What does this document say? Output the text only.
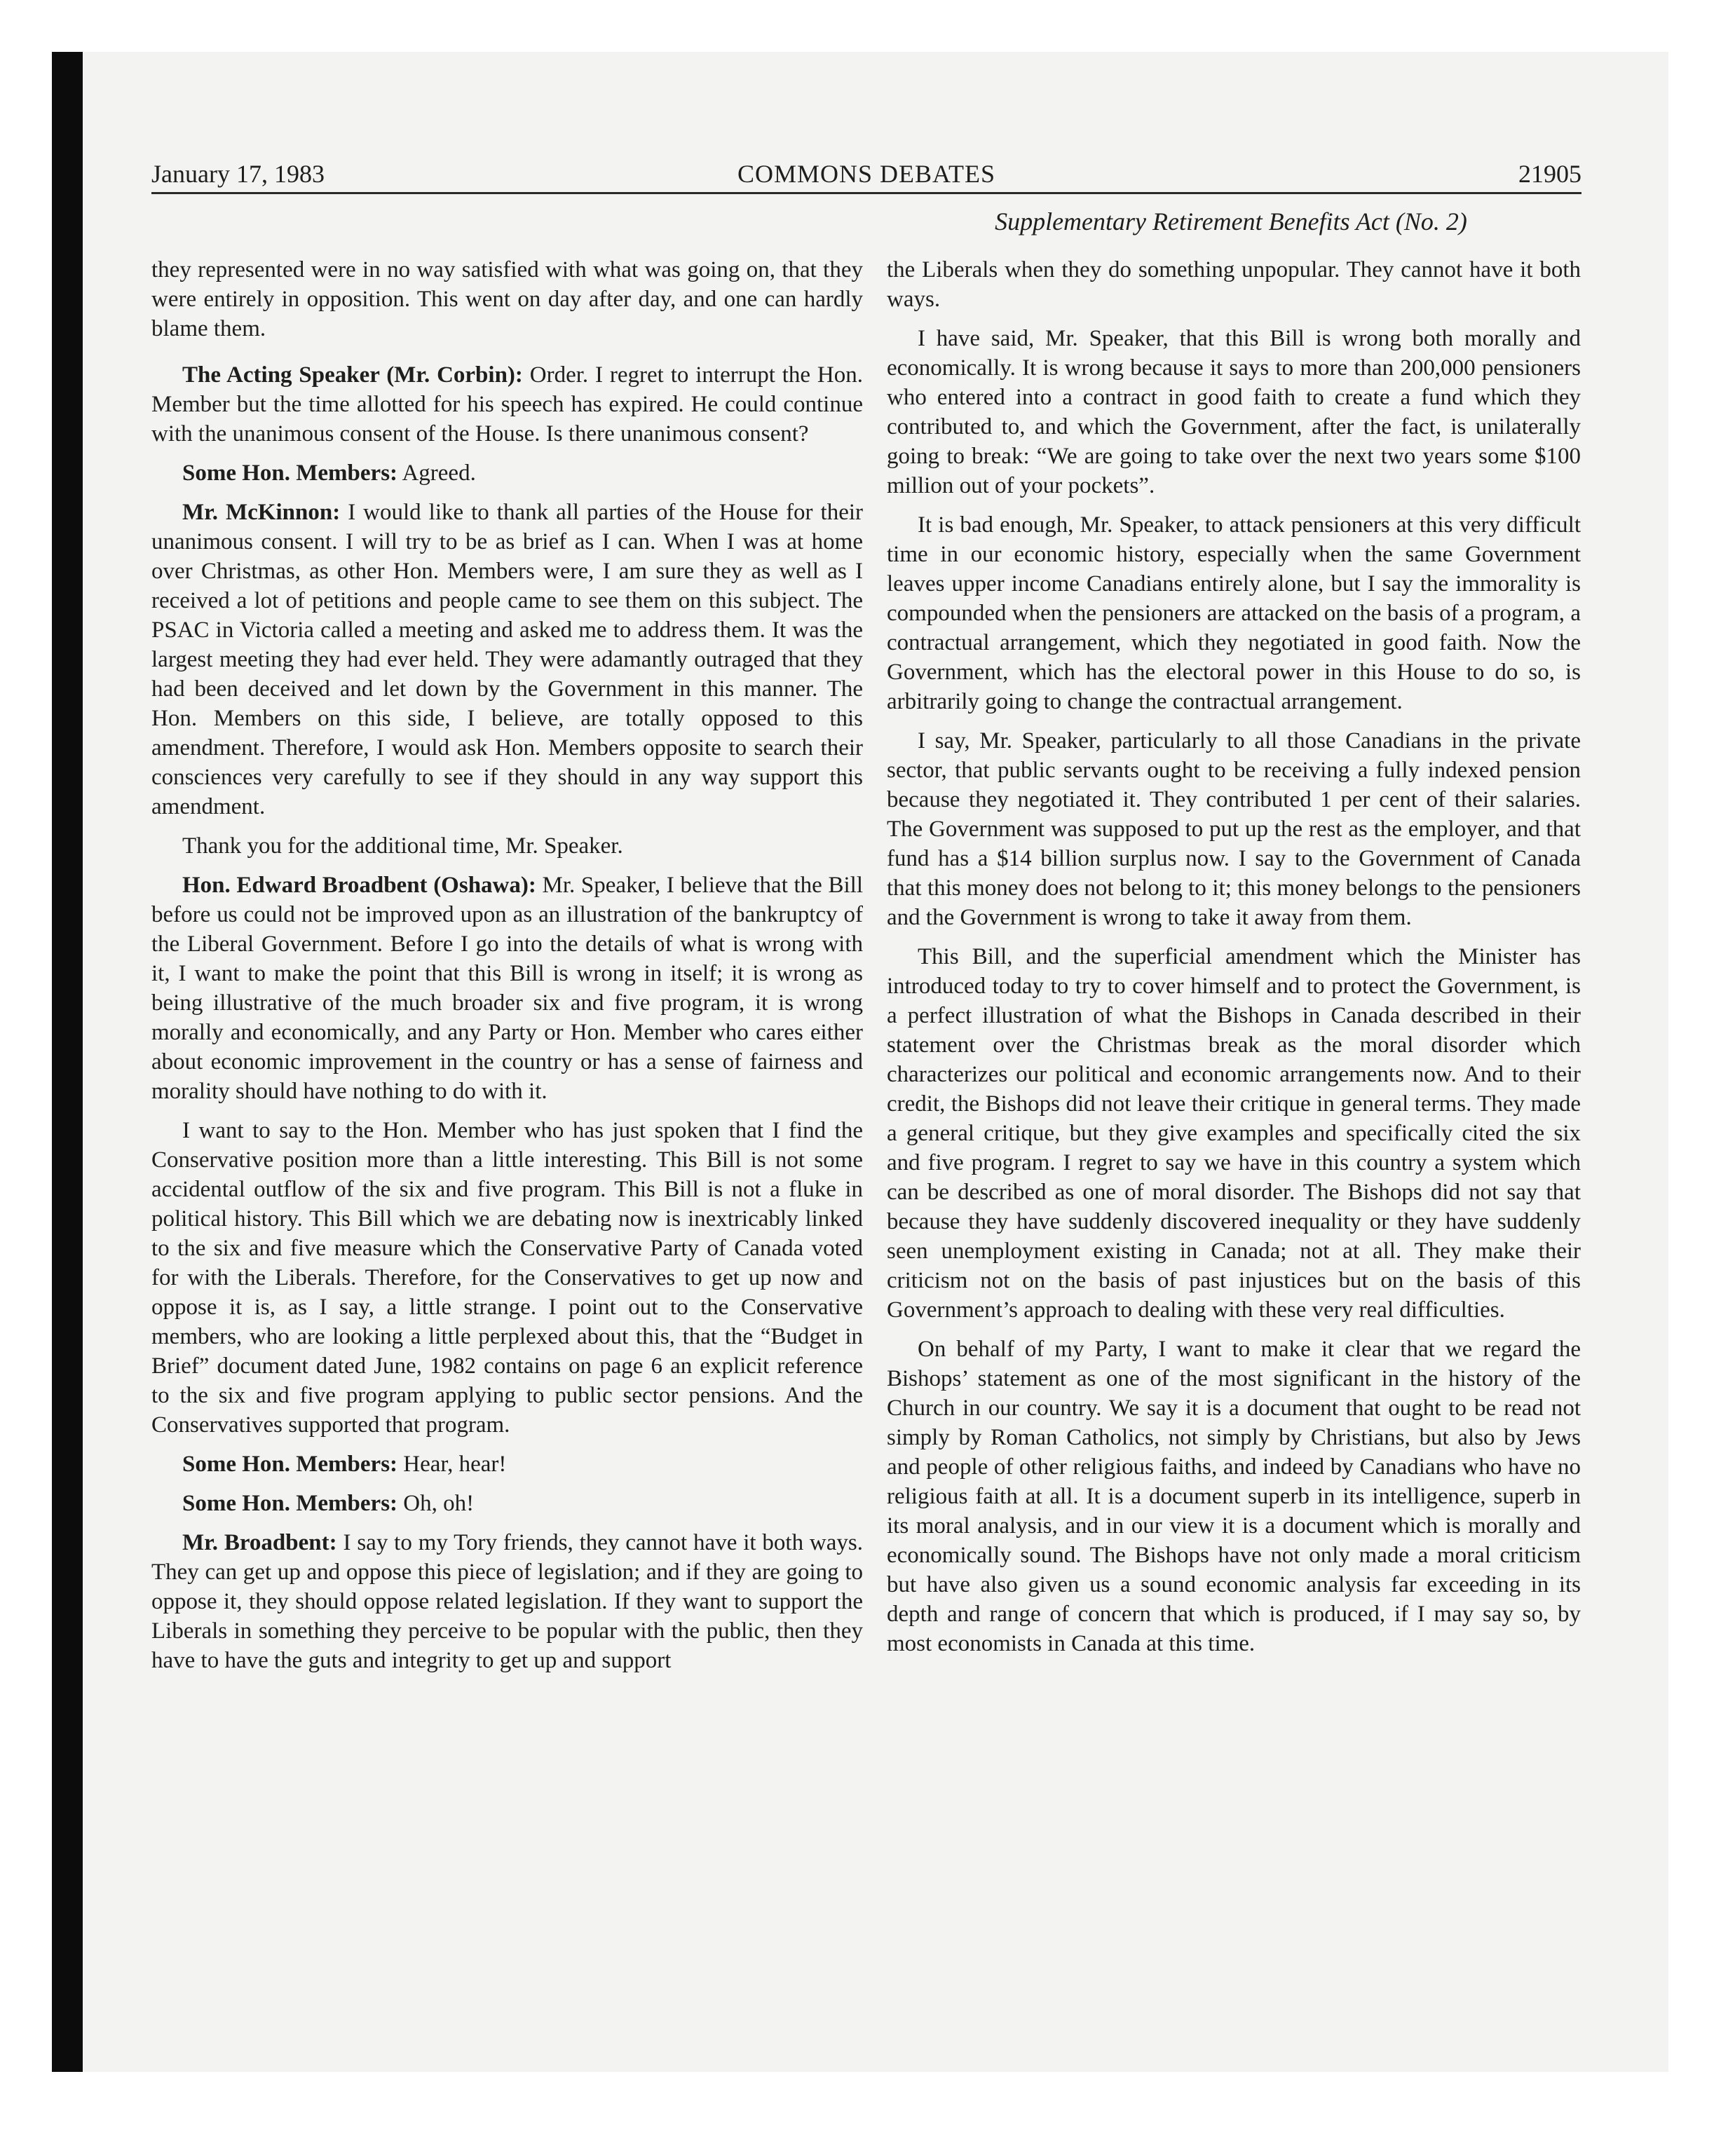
January 17, 1983	COMMONS DEBATES	21905
Supplementary Retirement Benefits Act (No. 2)

they represented were in no way satisfied with what was going on, that they were entirely in opposition. This went on day after day, and one can hardly blame them.

The Acting Speaker (Mr. Corbin): Order. I regret to interrupt the Hon. Member but the time allotted for his speech has expired. He could continue with the unanimous consent of the House. Is there unanimous consent?

Some Hon. Members: Agreed.

Mr. McKinnon: I would like to thank all parties of the House for their unanimous consent. I will try to be as brief as I can. When I was at home over Christmas, as other Hon. Members were, I am sure they as well as I received a lot of petitions and people came to see them on this subject. The PSAC in Victoria called a meeting and asked me to address them. It was the largest meeting they had ever held. They were adamantly outraged that they had been deceived and let down by the Government in this manner. The Hon. Members on this side, I believe, are totally opposed to this amendment. Therefore, I would ask Hon. Members opposite to search their consciences very carefully to see if they should in any way support this amendment.

Thank you for the additional time, Mr. Speaker.

Hon. Edward Broadbent (Oshawa): Mr. Speaker, I believe that the Bill before us could not be improved upon as an illustration of the bankruptcy of the Liberal Government. Before I go into the details of what is wrong with it, I want to make the point that this Bill is wrong in itself; it is wrong as being illustrative of the much broader six and five program, it is wrong morally and economically, and any Party or Hon. Member who cares either about economic improvement in the country or has a sense of fairness and morality should have nothing to do with it.

I want to say to the Hon. Member who has just spoken that I find the Conservative position more than a little interesting. This Bill is not some accidental outflow of the six and five program. This Bill is not a fluke in political history. This Bill which we are debating now is inextricably linked to the six and five measure which the Conservative Party of Canada voted for with the Liberals. Therefore, for the Conservatives to get up now and oppose it is, as I say, a little strange. I point out to the Conservative members, who are looking a little perplexed about this, that the “Budget in Brief” document dated June, 1982 contains on page 6 an explicit reference to the six and five program applying to public sector pensions. And the Conservatives supported that program.

Some Hon. Members: Hear, hear!

Some Hon. Members: Oh, oh!

Mr. Broadbent: I say to my Tory friends, they cannot have it both ways. They can get up and oppose this piece of legislation; and if they are going to oppose it, they should oppose related legislation. If they want to support the Liberals in something they perceive to be popular with the public, then they have to have the guts and integrity to get up and support

the Liberals when they do something unpopular. They cannot have it both ways.

I have said, Mr. Speaker, that this Bill is wrong both morally and economically. It is wrong because it says to more than 200,000 pensioners who entered into a contract in good faith to create a fund which they contributed to, and which the Government, after the fact, is unilaterally going to break: “We are going to take over the next two years some $100 million out of your pockets”.

It is bad enough, Mr. Speaker, to attack pensioners at this very difficult time in our economic history, especially when the same Government leaves upper income Canadians entirely alone, but I say the immorality is compounded when the pensioners are attacked on the basis of a program, a contractual arrangement, which they negotiated in good faith. Now the Government, which has the electoral power in this House to do so, is arbitrarily going to change the contractual arrangement.

I say, Mr. Speaker, particularly to all those Canadians in the private sector, that public servants ought to be receiving a fully indexed pension because they negotiated it. They contributed 1 per cent of their salaries. The Government was supposed to put up the rest as the employer, and that fund has a $14 billion surplus now. I say to the Government of Canada that this money does not belong to it; this money belongs to the pensioners and the Government is wrong to take it away from them.

This Bill, and the superficial amendment which the Minister has introduced today to try to cover himself and to protect the Government, is a perfect illustration of what the Bishops in Canada described in their statement over the Christmas break as the moral disorder which characterizes our political and economic arrangements now. And to their credit, the Bishops did not leave their critique in general terms. They made a general critique, but they give examples and specifically cited the six and five program. I regret to say we have in this country a system which can be described as one of moral disorder. The Bishops did not say that because they have suddenly discovered inequality or they have suddenly seen unemployment existing in Canada; not at all. They make their criticism not on the basis of past injustices but on the basis of this Government’s approach to dealing with these very real difficulties.

On behalf of my Party, I want to make it clear that we regard the Bishops’ statement as one of the most significant in the history of the Church in our country. We say it is a document that ought to be read not simply by Roman Catholics, not simply by Christians, but also by Jews and people of other religious faiths, and indeed by Canadians who have no religious faith at all. It is a document superb in its intelligence, superb in its moral analysis, and in our view it is a document which is morally and economically sound. The Bishops have not only made a moral criticism but have also given us a sound economic analysis far exceeding in its depth and range of concern that which is produced, if I may say so, by most economists in Canada at this time.
